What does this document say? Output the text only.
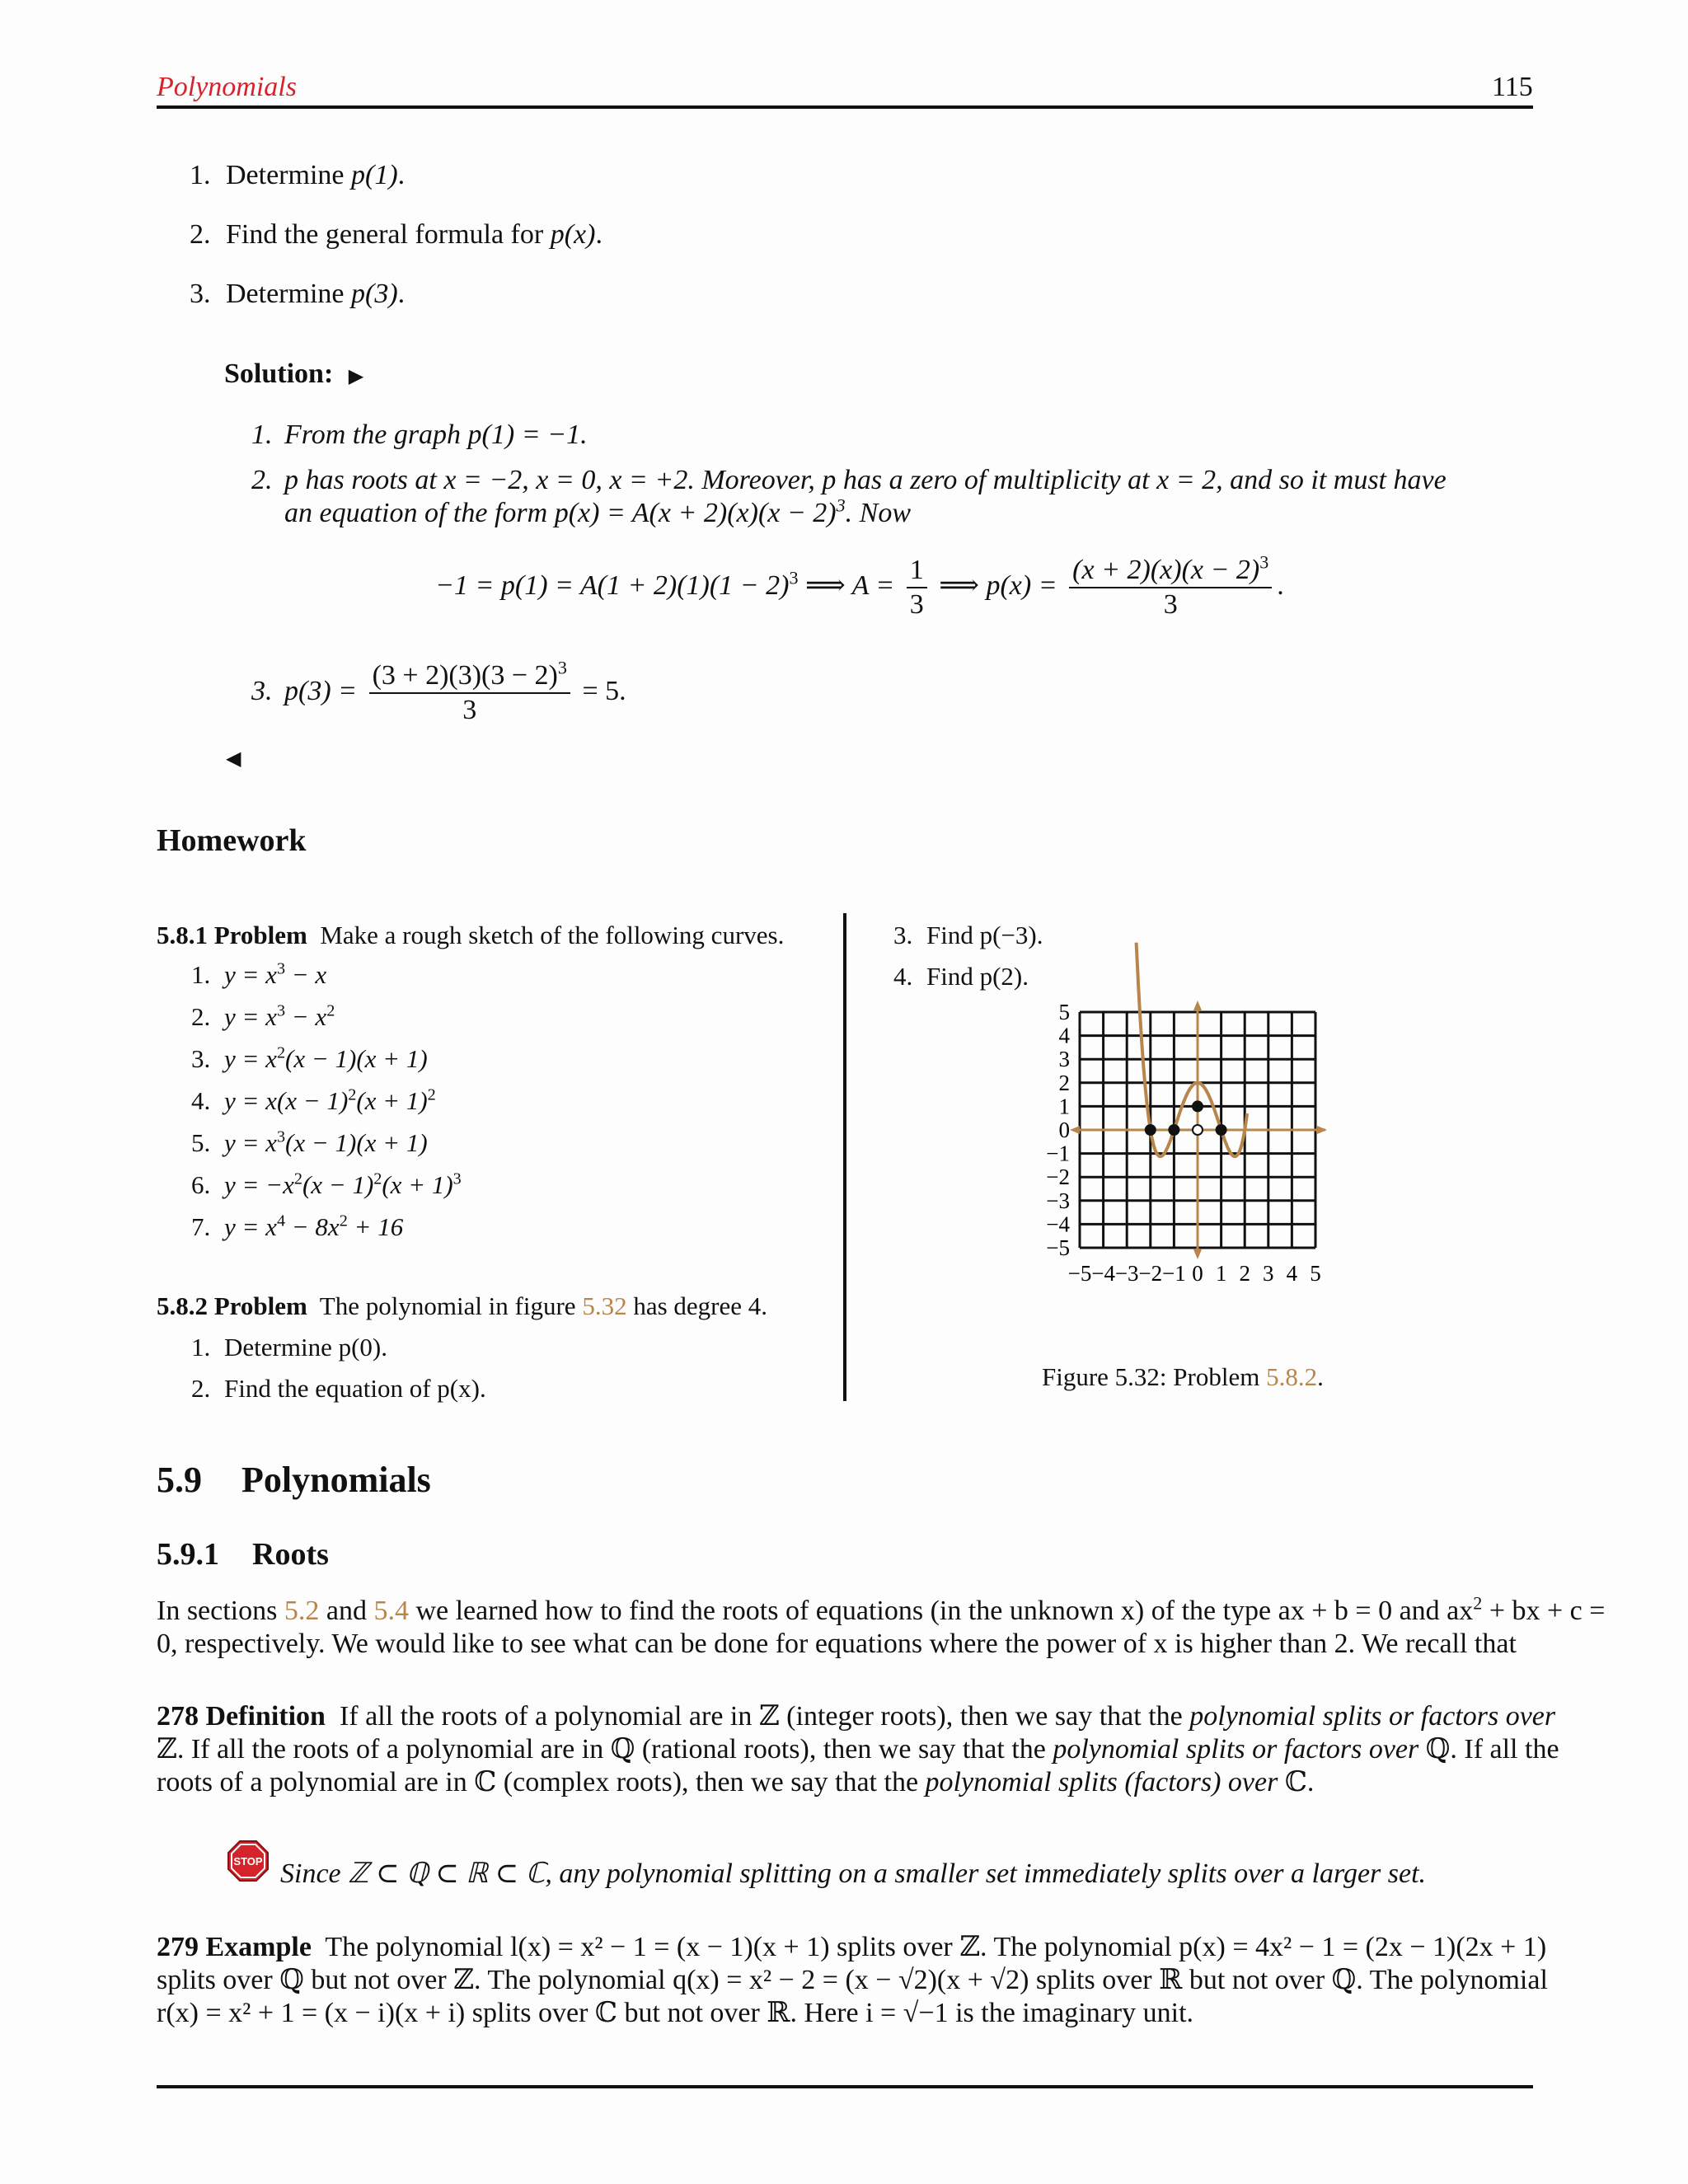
Polynomials	115
1. Determine p(1).
2. Find the general formula for p(x).
3. Determine p(3).
Solution: ▶
1. From the graph p(1) = −1.
2. p has roots at x = −2, x = 0, x = +2. Moreover, p has a zero of multiplicity at x = 2, and so it must have
an equation of the form $p(x) = A(x + 2)(x)(x - 2)^3$. Now
$-1 = p(1) = A(1 + 2)(1)(1 - 2)^3$ ⟹ $A = \frac{1}{3}$ ⟹ $p(x) = \frac{(x + 2)(x)(x - 2)^3}{3}$ .
3. $p(3) = \frac{(3 + 2)(3)(3 - 2)^3}{3} = 5$.
◀
Homework
5.8.1 Problem Make a rough sketch of the following curves.
1. $y = x^3 - x$
2. $y = x^3 - x^2$
3. $y = x^2(x - 1)(x + 1)$
4. $y = x(x - 1)^2(x + 1)^2$
5. $y = x^3(x - 1)(x + 1)$
6. $y = -x^2(x - 1)^2(x + 1)^3$
7. $y = x^4 - 8x^2 + 16$
5.8.2 Problem The polynomial in figure 5.32 has degree 4.
1. Determine p(0).
2. Find the equation of p(x).
3. Find p(−3).
4. Find p(2).
5
4
3
2
1
0
−1
−2
−3
−4
−5
−5 −4 −3 −2 −1 0 1 2 3 4 5
Figure 5.32: Problem 5.8.2.
5.9 Polynomials
5.9.1 Roots
In sections 5.2 and 5.4 we learned how to find the roots of equations (in the unknown x) of the type ax + b = 0 and $ax^2$ + bx + c =
0, respectively. We would like to see what can be done for equations where the power of x is higher than 2. We recall that
278 Definition If all the roots of a polynomial are in ℤ (integer roots), then we say that the polynomial splits or factors over
ℤ. If all the roots of a polynomial are in ℚ (rational roots), then we say that the polynomial splits or factors over ℚ. If all the
roots of a polynomial are in ℂ (complex roots), then we say that the polynomial splits (factors) over ℂ.
STOP Since ℤ ⊂ ℚ ⊂ ℝ ⊂ ℂ, any polynomial splitting on a smaller set immediately splits over a larger set.
279 Example The polynomial l(x) = x² − 1 = (x − 1)(x + 1) splits over ℤ. The polynomial p(x) = 4x² − 1 = (2x − 1)(2x + 1)
splits over ℚ but not over ℤ. The polynomial q(x) = x² − 2 = (x − √2)(x + √2) splits over ℝ but not over ℚ. The polynomial
r(x) = x² + 1 = (x − i)(x + i) splits over ℂ but not over ℝ. Here i = √−1 is the imaginary unit.
